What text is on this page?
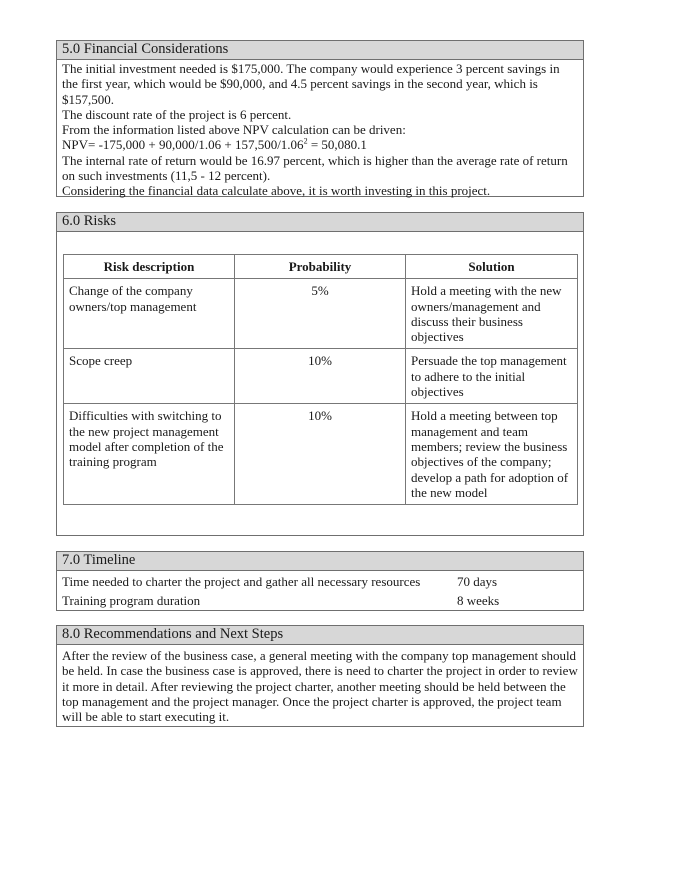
5.0 Financial Considerations

The initial investment needed is $175,000. The company would experience 3 percent savings in the first year, which would be $90,000, and 4.5 percent savings in the second year, which is $157,500.

The discount rate of the project is 6 percent.

From the information listed above NPV calculation can be driven:

$NPV= -175,000 + 90,000/1.06 + 157,500/1.06^2 = 50,080.1$

The internal rate of return would be 16.97 percent, which is higher than the average rate of return on such investments (11,5 - 12 percent).

Considering the financial data calculate above, it is worth investing in this project.

6.0 Risks
Risk description	Probability	Solution
Change of the company owners/top management	5%	Hold a meeting with the new owners/management and discuss their business objectives
Scope creep	10%	Persuade the top management to adhere to the initial objectives
Difficulties with switching to the new project management model after completion of the training program	10%	Hold a meeting between top management and team members; review the business objectives of the company; develop a path for adoption of the new model
7.0 Timeline
Time needed to charter the project and gather all necessary resources	70 days
Training program duration	8 weeks
8.0 Recommendations and Next Steps
After the review of the business case, a general meeting with the company top management should be held. In case the business case is approved, there is need to charter the project in order to review it more in detail. After reviewing the project charter, another meeting should be held between the top management and the project manager. Once the project charter is approved, the project team will be able to start executing it.
